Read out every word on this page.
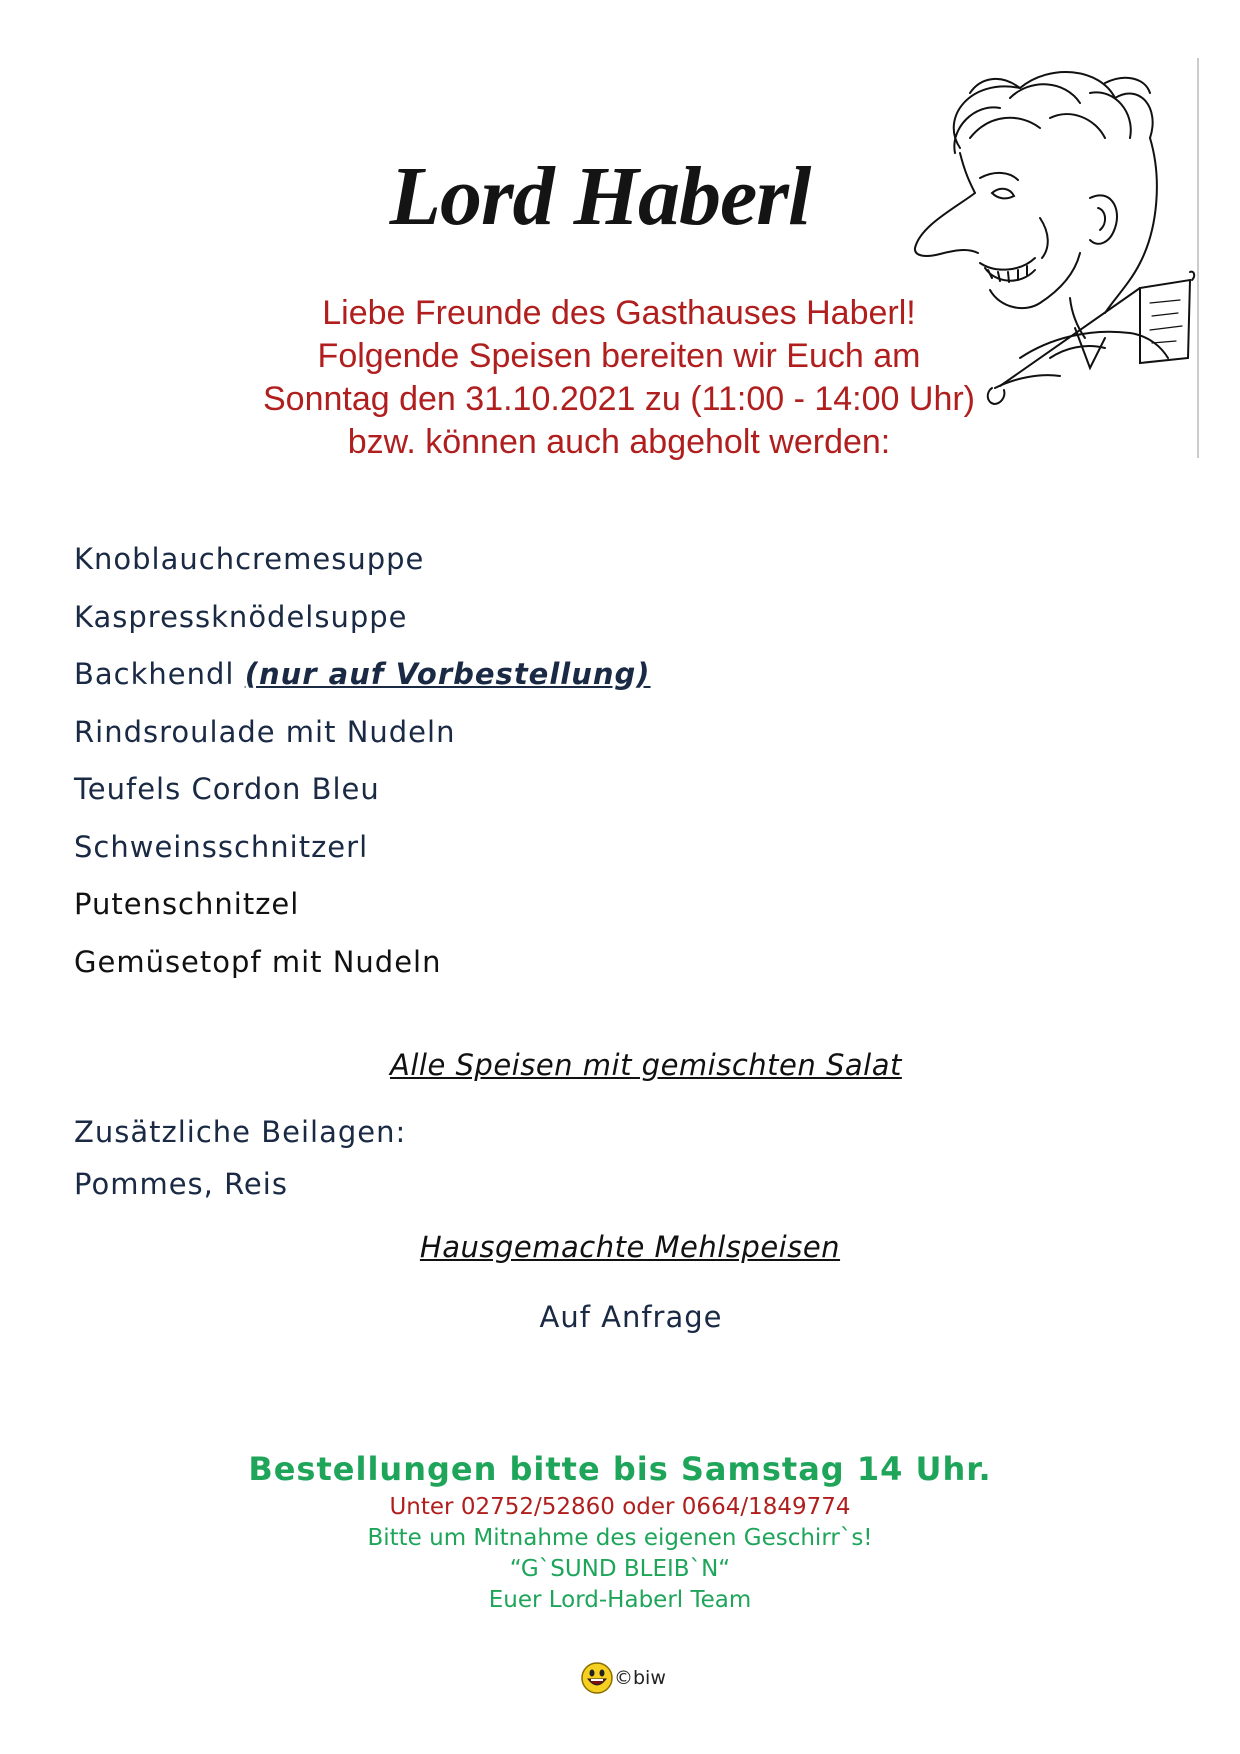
Lord Haberl
Liebe Freunde des Gasthauses Haberl!
Folgende Speisen bereiten wir Euch am
Sonntag den 31.10.2021 zu (11:00 - 14:00 Uhr)
bzw. können auch abgeholt werden:
Knoblauchcremesuppe
Kaspressknödelsuppe
Backhendl (nur auf Vorbestellung)
Rindsroulade mit Nudeln
Teufels Cordon Bleu
Schweinsschnitzerl
Putenschnitzel
Gemüsetopf mit Nudeln
Alle Speisen mit gemischten Salat
Zusätzliche Beilagen:
Pommes, Reis
Hausgemachte Mehlspeisen
Auf Anfrage
Bestellungen bitte bis Samstag 14 Uhr.
Unter 02752/52860 oder 0664/1849774
Bitte um Mitnahme des eigenen Geschirr`s!
“G`SUND BLEIB`N“
Euer Lord-Haberl Team
©biw
